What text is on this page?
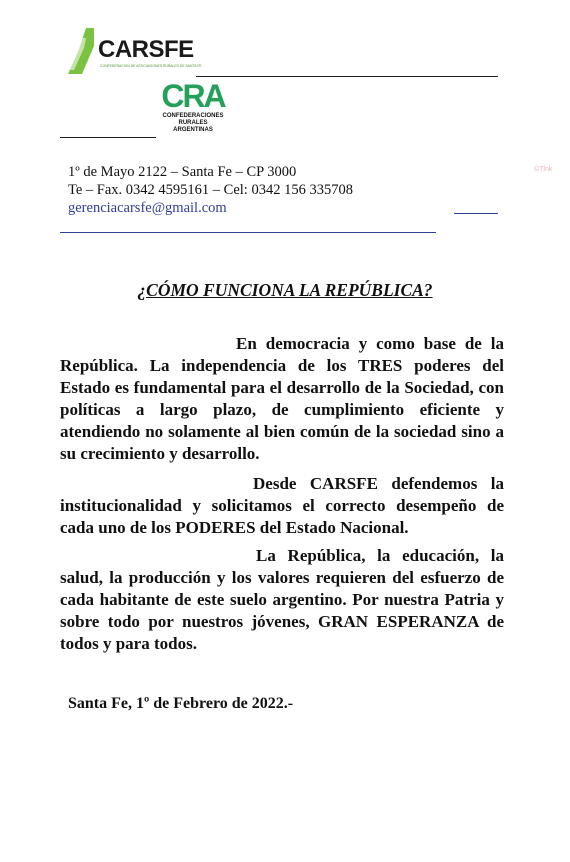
CARSFE
CONFEDERACION DE ASOCIACIONES RURALES DE SANTA FE
CRA
CONFEDERACIONES
RURALES
ARGENTINAS
1º de Mayo 2122 – Santa Fe – CP 3000
Te – Fax. 0342 4595161 – Cel: 0342 156 335708
gerenciacarsfe@gmail.com
©Tlnk
¿CÓMO FUNCIONA LA REPÚBLICA?
En democracia y como base de la República. La independencia de los TRES poderes del Estado es fundamental para el desarrollo de la Sociedad, con políticas a largo plazo, de cumplimiento eficiente y atendiendo no solamente al bien común de la sociedad sino a su crecimiento y desarrollo.
Desde CARSFE defendemos la institucionalidad y solicitamos el correcto desempeño de cada uno de los PODERES del Estado Nacional.
La República, la educación, la salud, la producción y los valores requieren del esfuerzo de cada habitante de este suelo argentino. Por nuestra Patria y sobre todo por nuestros jóvenes, GRAN ESPERANZA de todos y para todos.
Santa Fe, 1º de Febrero de 2022.-
